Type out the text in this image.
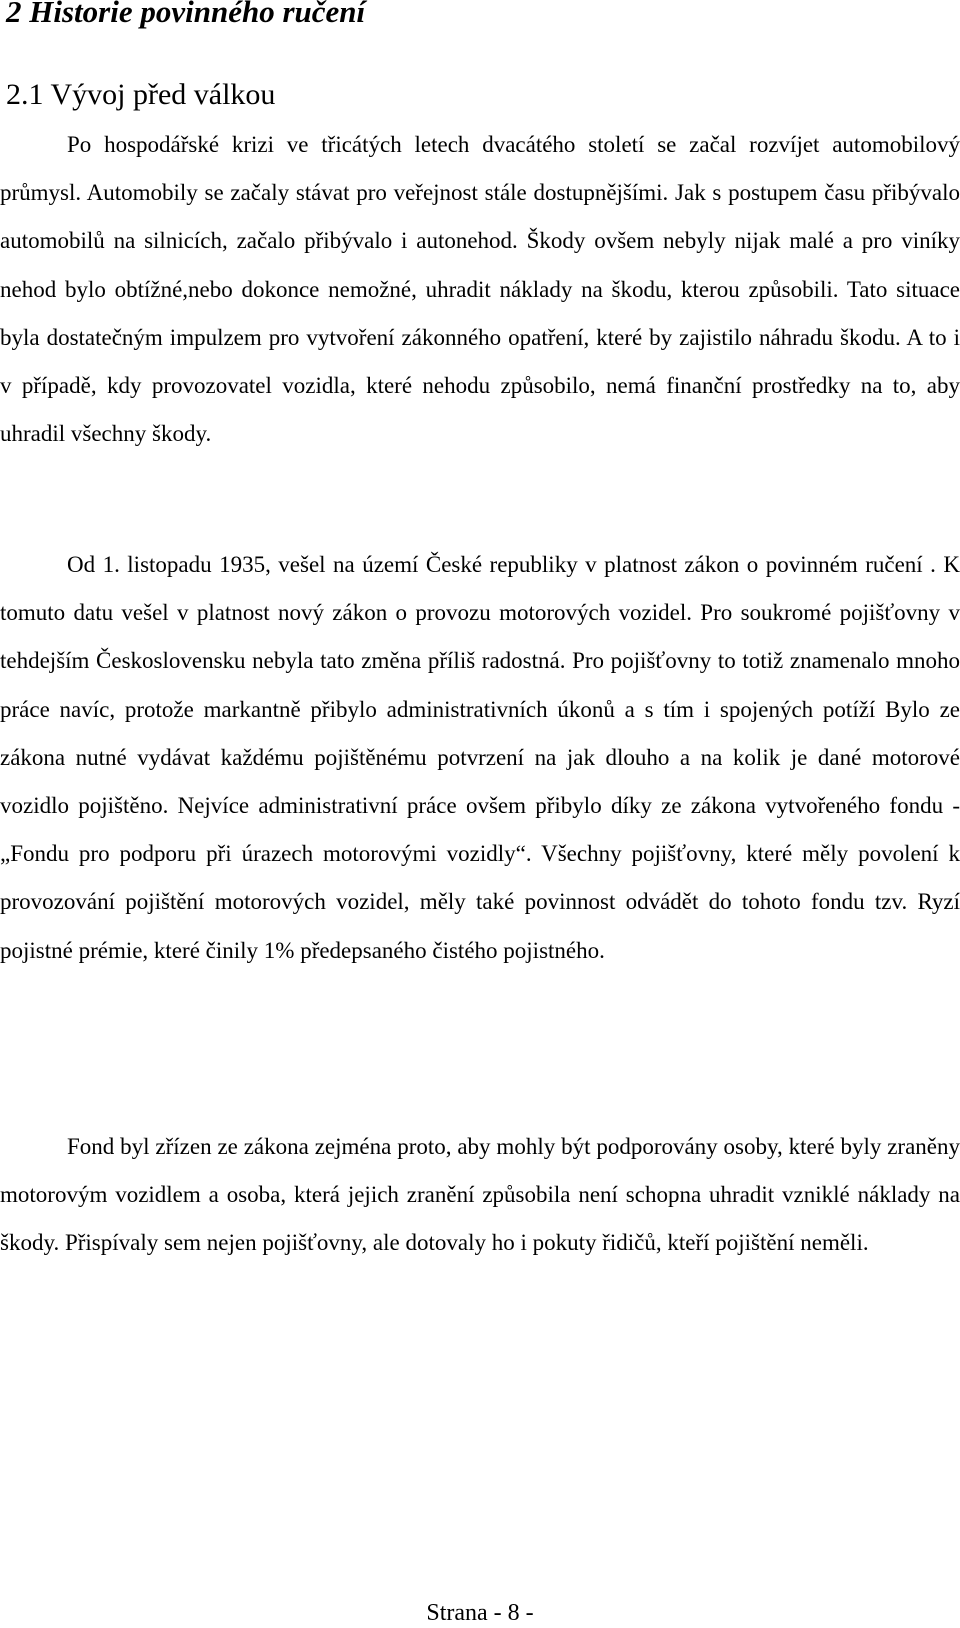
2 Historie povinného ručení
2.1 Vývoj před válkou

Po hospodářské krizi ve třicátých letech dvacátého století se začal rozvíjet automobilový průmysl. Automobily se začaly stávat pro veřejnost stále dostupnějšími. Jak s postupem času přibývalo automobilů na silnicích, začalo přibývalo i autonehod. Škody ovšem nebyly nijak malé a pro viníky nehod bylo obtížné,nebo dokonce nemožné, uhradit náklady na škodu, kterou způsobili. Tato situace byla dostatečným impulzem pro vytvoření zákonného opatření, které by zajistilo náhradu škodu. A to i v případě, kdy provozovatel vozidla, které nehodu způsobilo, nemá finanční prostředky na to, aby uhradil všechny škody.

Od 1. listopadu 1935, vešel na území České republiky v platnost zákon o povinném ručení . K tomuto datu vešel v platnost nový zákon o provozu motorových vozidel. Pro soukromé pojišťovny v tehdejším Československu nebyla tato změna příliš radostná. Pro pojišťovny to totiž znamenalo mnoho práce navíc, protože markantně přibylo administrativních úkonů a s tím i spojených potíží Bylo ze zákona nutné vydávat každému pojištěnému potvrzení na jak dlouho a na kolik je dané motorové vozidlo pojištěno. Nejvíce administrativní práce ovšem přibylo díky ze zákona vytvořeného fondu - „Fondu pro podporu při úrazech motorovými vozidly“. Všechny pojišťovny, které měly povolení k provozování pojištění motorových vozidel, měly také povinnost odvádět do tohoto fondu tzv. Ryzí pojistné prémie, které činily 1% předepsaného čistého pojistného.

Fond byl zřízen ze zákona zejména proto, aby mohly být podporovány osoby, které byly zraněny motorovým vozidlem a osoba, která jejich zranění způsobila není schopna uhradit vzniklé náklady na škody. Přispívaly sem nejen pojišťovny, ale dotovaly ho i pokuty řidičů, kteří pojištění neměli.

Strana - 8 -
